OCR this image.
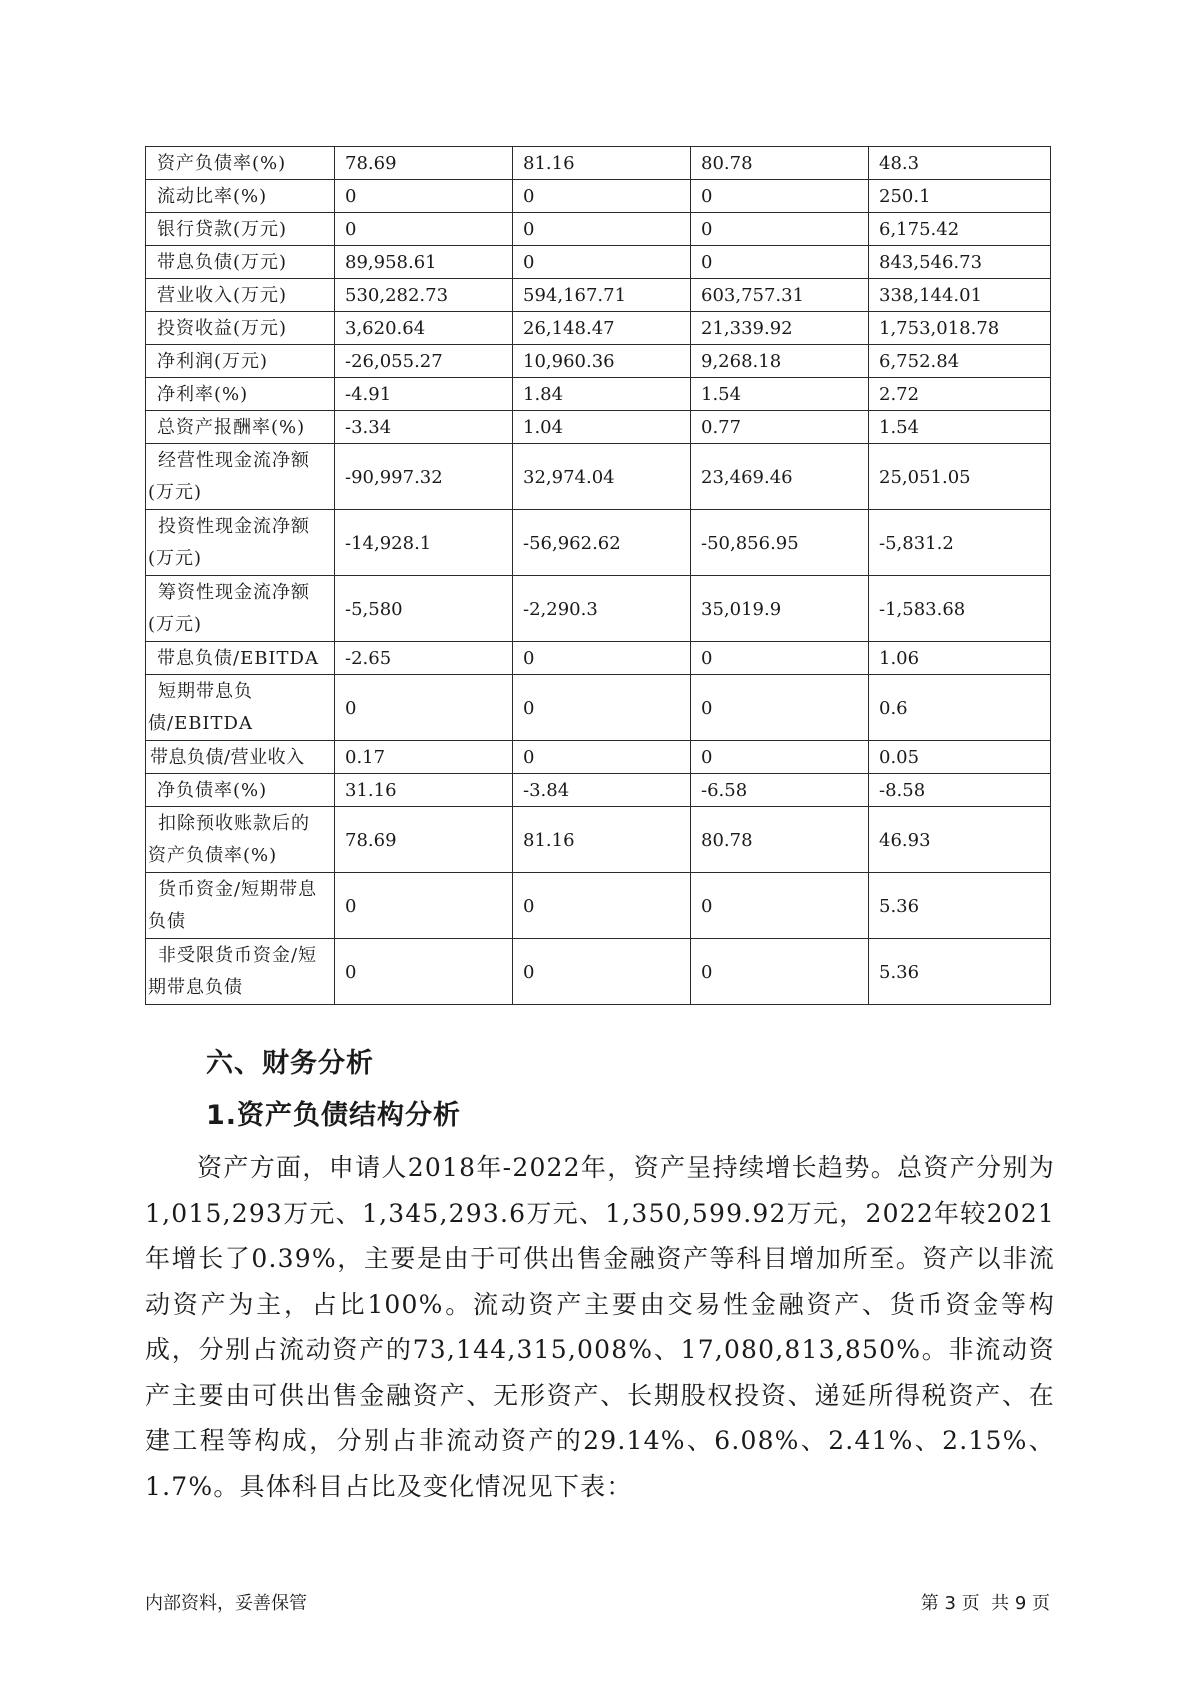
资产负债率(%)	78.69	81.16	80.78	48.3
流动比率(%)	0	0	0	250.1
银行贷款(万元)	0	0	0	6,175.42
带息负债(万元)	89,958.61	0	0	843,546.73
营业收入(万元)	530,282.73	594,167.71	603,757.31	338,144.01
投资收益(万元)	3,620.64	26,148.47	21,339.92	1,753,018.78
净利润(万元)	-26,055.27	10,960.36	9,268.18	6,752.84
净利率(%)	-4.91	1.84	1.54	2.72
总资产报酬率(%)	-3.34	1.04	0.77	1.54
经营性现金流净额(万元)	-90,997.32	32,974.04	23,469.46	25,051.05
投资性现金流净额(万元)	-14,928.1	-56,962.62	-50,856.95	-5,831.2
筹资性现金流净额(万元)	-5,580	-2,290.3	35,019.9	-1,583.68
带息负债/EBITDA	-2.65	0	0	1.06
短期带息负债/EBITDA	0	0	0	0.6
带息负债/营业收入	0.17	0	0	0.05
净负债率(%)	31.16	-3.84	-6.58	-8.58
扣除预收账款后的资产负债率(%)	78.69	81.16	80.78	46.93
货币资金/短期带息负债	0	0	0	5.36
非受限货币资金/短期带息负债	0	0	0	5.36
六、财务分析
1.资产负债结构分析

资产方面，申请人2018年-2022年，资产呈持续增长趋势。总资产分别为1,015,293万元、1,345,293.6万元、1,350,599.92万元，2022年较2021年增长了0.39%，主要是由于可供出售金融资产等科目增加所至。资产以非流动资产为主，占比100%。流动资产主要由交易性金融资产、货币资金等构成，分别占流动资产的73,144,315,008%、17,080,813,850%。非流动资产主要由可供出售金融资产、无形资产、长期股权投资、递延所得税资产、在建工程等构成，分别占非流动资产的29.14%、6.08%、2.41%、2.15%、1.7%。具体科目占比及变化情况见下表：

内部资料，妥善保管	第 3 页  共 9 页
